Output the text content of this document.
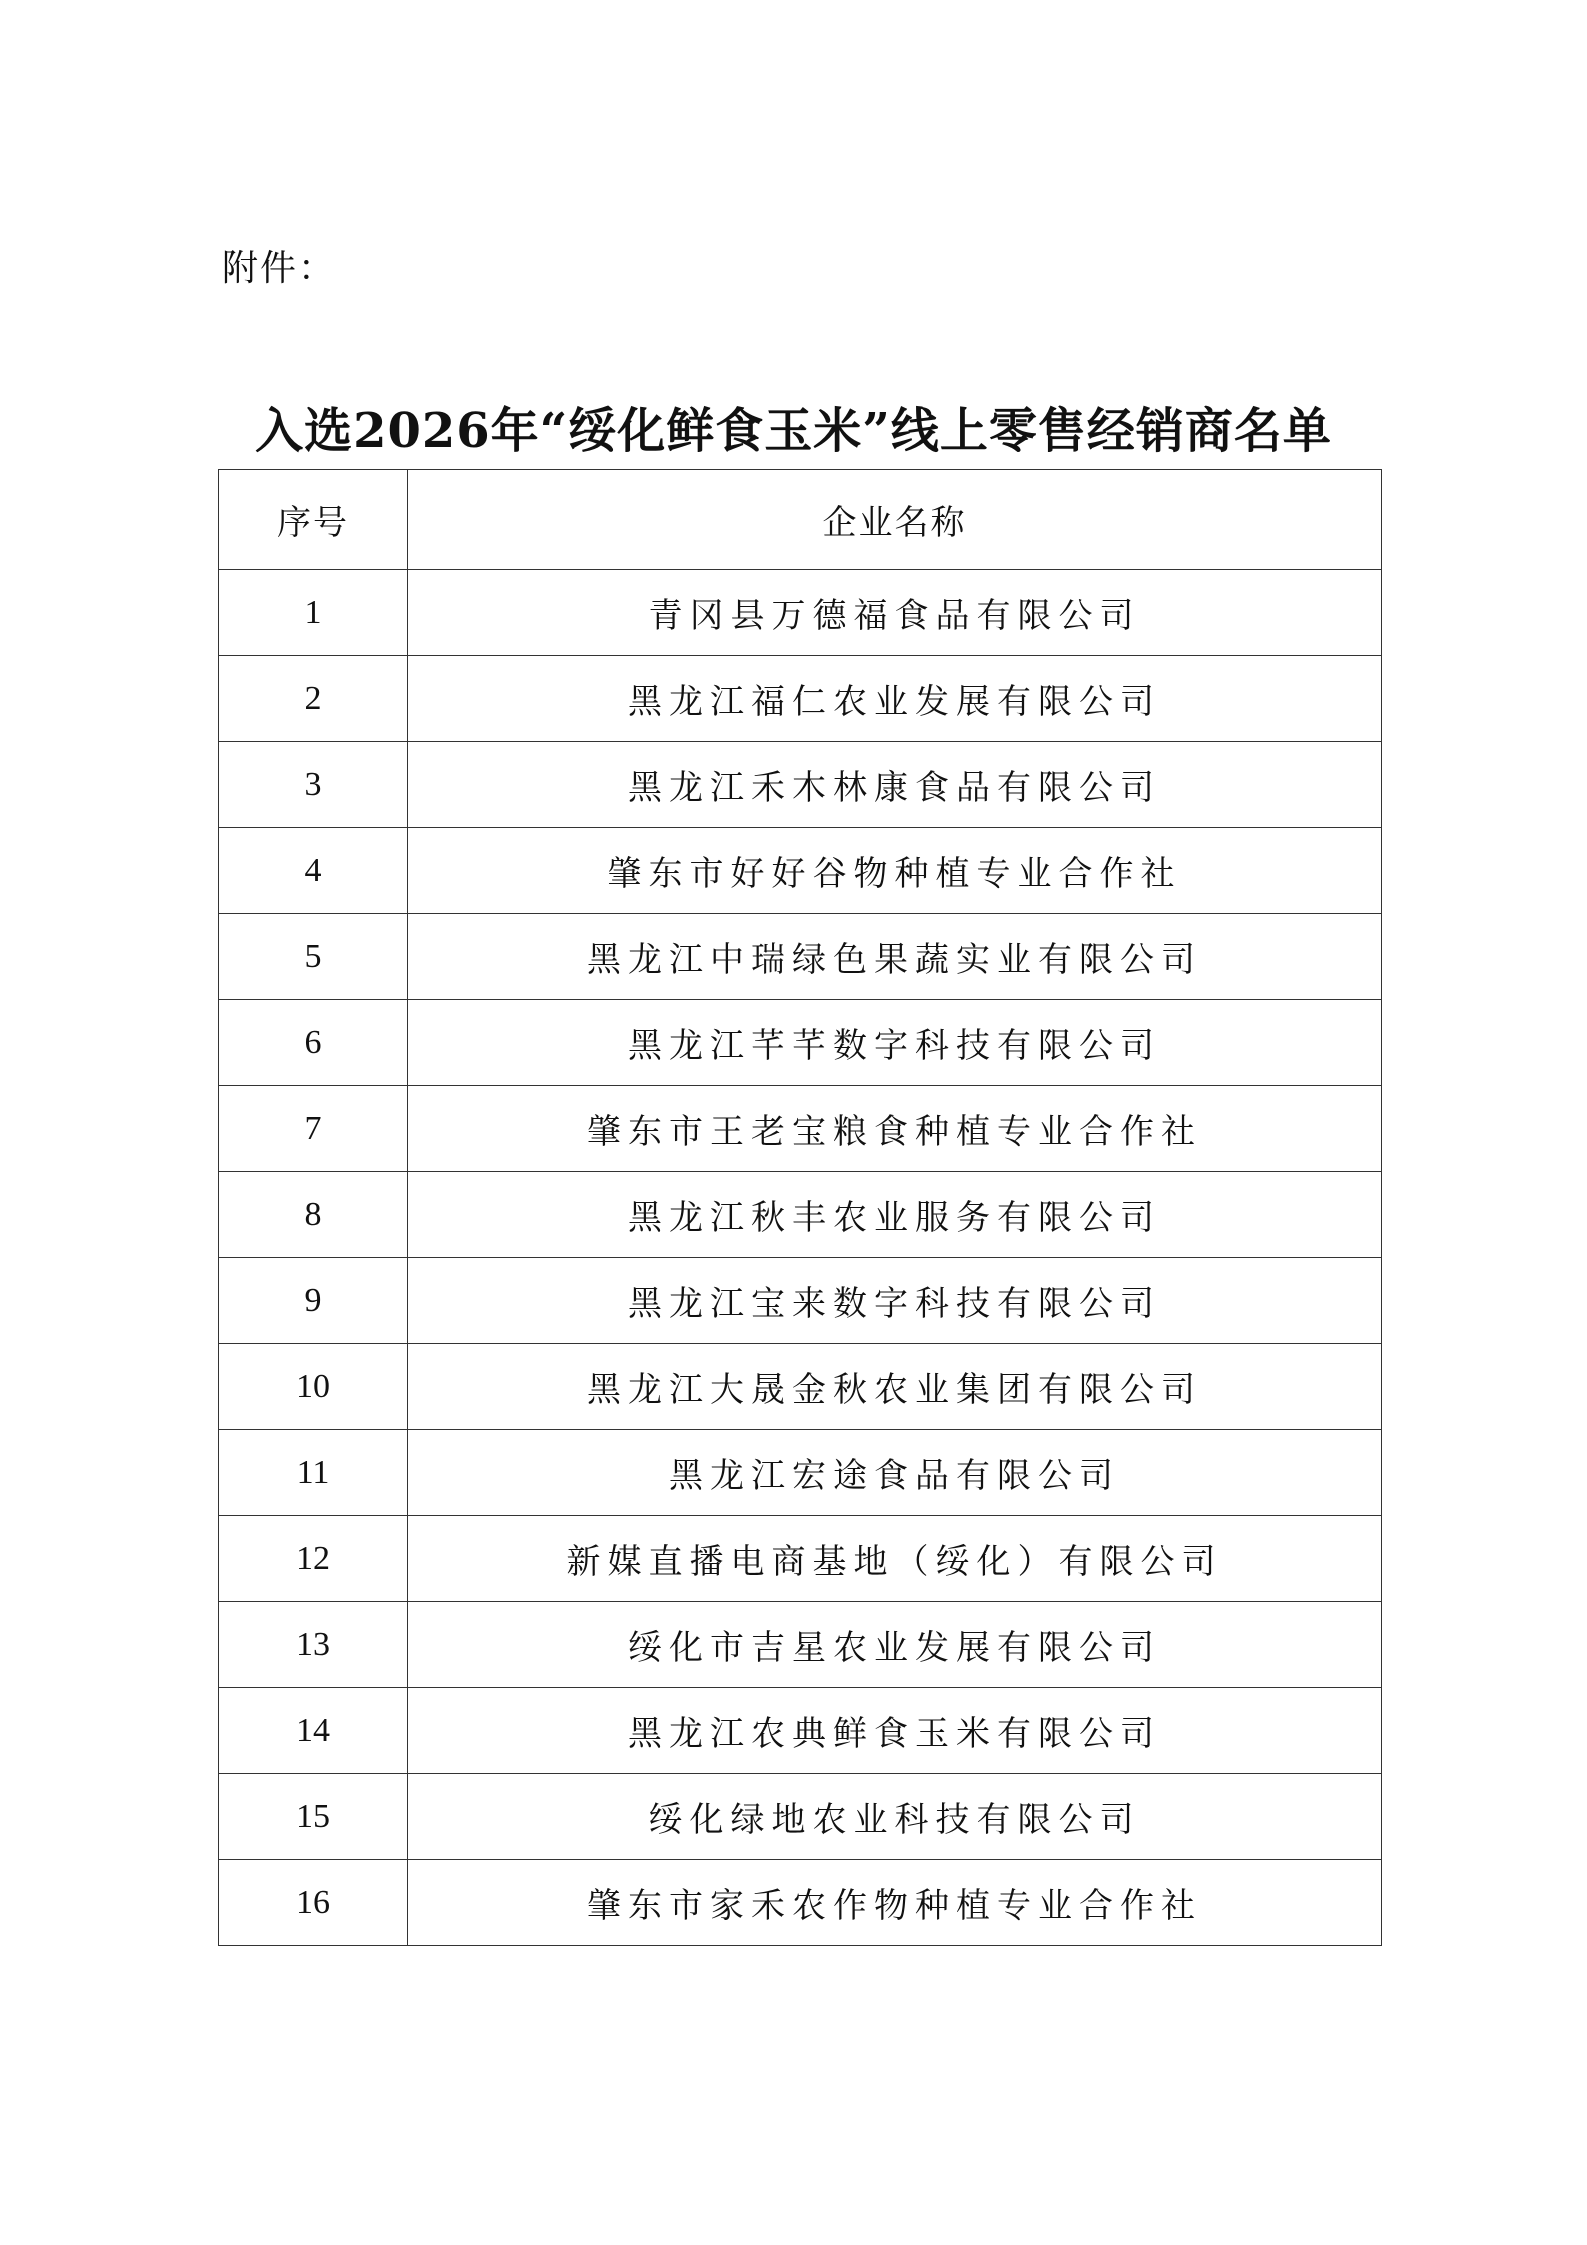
附件：
入选2026年“绥化鲜食玉米”线上零售经销商名单
序号	企业名称
1	青冈县万德福食品有限公司
2	黑龙江福仁农业发展有限公司
3	黑龙江禾木林康食品有限公司
4	肇东市好好谷物种植专业合作社
5	黑龙江中瑞绿色果蔬实业有限公司
6	黑龙江芊芊数字科技有限公司
7	肇东市王老宝粮食种植专业合作社
8	黑龙江秋丰农业服务有限公司
9	黑龙江宝来数字科技有限公司
10	黑龙江大晟金秋农业集团有限公司
11	黑龙江宏途食品有限公司
12	新媒直播电商基地（绥化）有限公司
13	绥化市吉星农业发展有限公司
14	黑龙江农典鲜食玉米有限公司
15	绥化绿地农业科技有限公司
16	肇东市家禾农作物种植专业合作社
